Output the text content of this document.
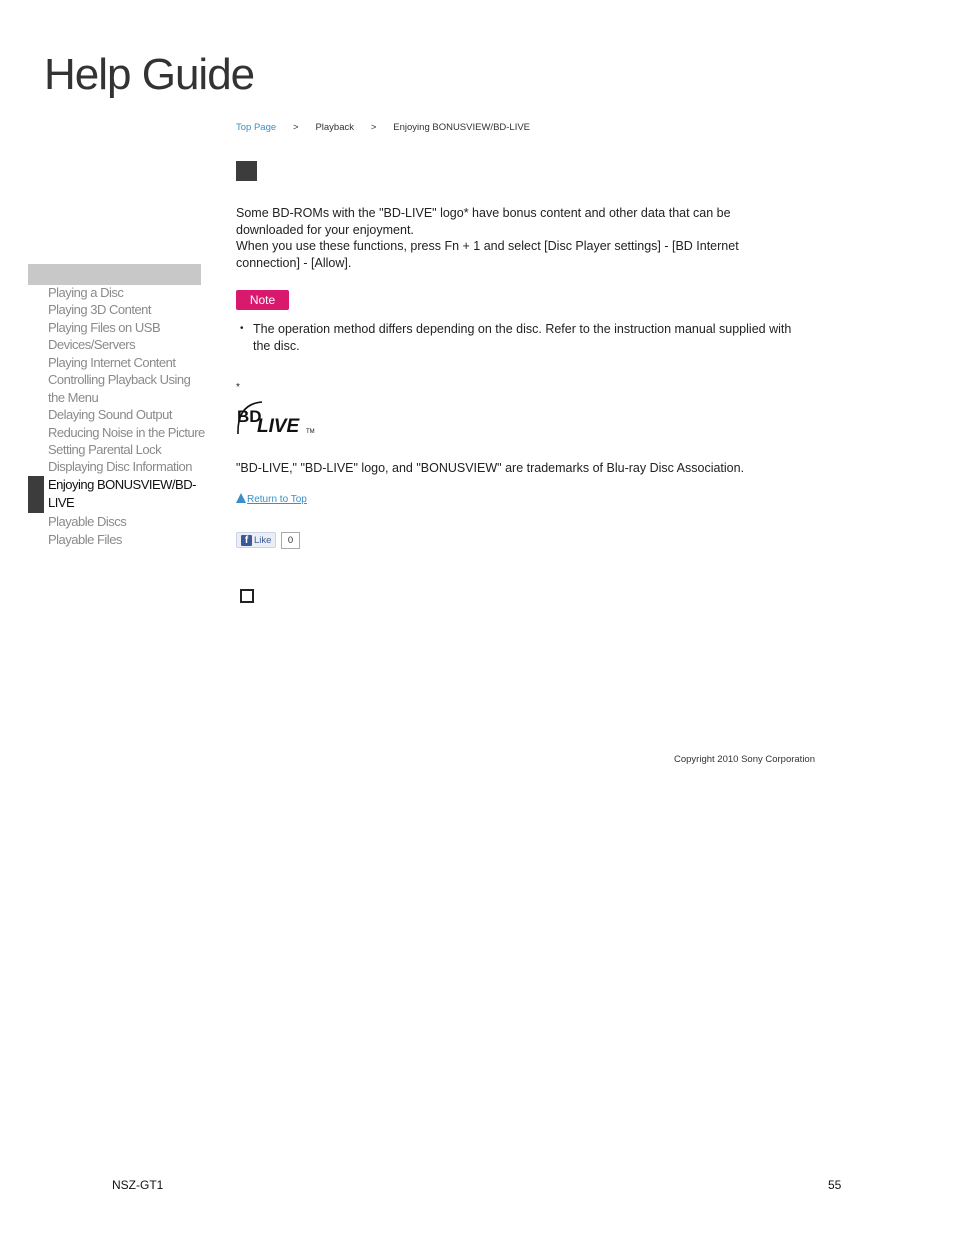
Help Guide
Top Page > Playback > Enjoying BONUSVIEW/BD-LIVE

Some BD-ROMs with the "BD-LIVE" logo* have bonus content and other data that can be downloaded for your enjoyment.

When you use these functions, press Fn + 1 and select [Disc Player settings] - [BD Internet connection] - [Allow].

Note
• The operation method differs depending on the disc. Refer to the instruction manual supplied with the disc.
*
BD
LIVE TM
"BD-LIVE," "BD-LIVE" logo, and "BONUSVIEW" are trademarks of Blu-ray Disc Association.
Return to Top
f Like	0
Copyright 2010 Sony Corporation
Playing a Disc
Playing 3D Content
Playing Files on USB Devices/Servers
Playing Internet Content
Controlling Playback Using the Menu
Delaying Sound Output
Reducing Noise in the Picture
Setting Parental Lock
Displaying Disc Information
Enjoying BONUSVIEW/BD-LIVE
Playable Discs
Playable Files
NSZ-GT1	55
